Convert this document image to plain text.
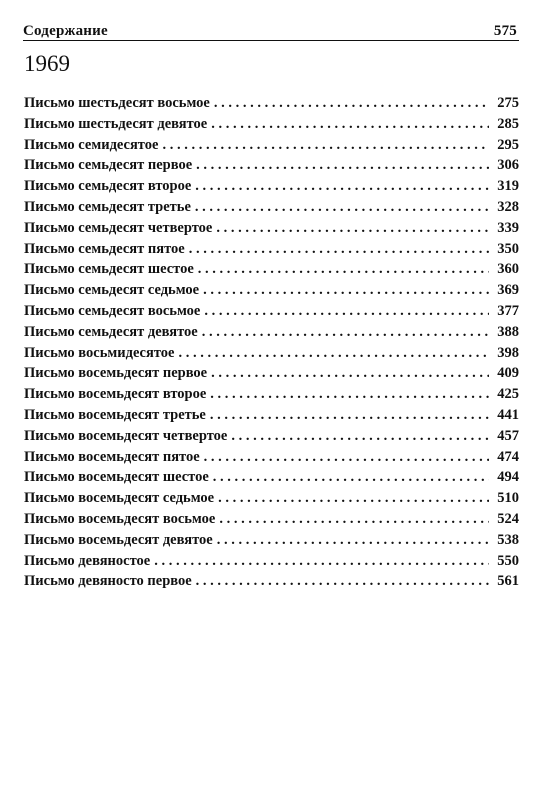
Содержание	575
1969
Письмо шестьдесят восьмое . . .	275
Письмо шестьдесят девятое . . .	285
Письмо семидесятое . . .	295
Письмо семьдесят первое . . .	306
Письмо семьдесят второе . . .	319
Письмо семьдесят третье . . .	328
Письмо семьдесят четвертое . . .	339
Письмо семьдесят пятое . . .	350
Письмо семьдесят шестое . . .	360
Письмо семьдесят седьмое . . .	369
Письмо семьдесят восьмое . . .	377
Письмо семьдесят девятое . . .	388
Письмо восьмидесятое . . .	398
Письмо восемьдесят первое . . .	409
Письмо восемьдесят второе . . .	425
Письмо восемьдесят третье . . .	441
Письмо восемьдесят четвертое . . .	457
Письмо восемьдесят пятое . . .	474
Письмо восемьдесят шестое . . .	494
Письмо восемьдесят седьмое . . .	510
Письмо восемьдесят восьмое . . .	524
Письмо восемьдесят девятое . . .	538
Письмо девяностое . . .	550
Письмо девяносто первое . . .	561
